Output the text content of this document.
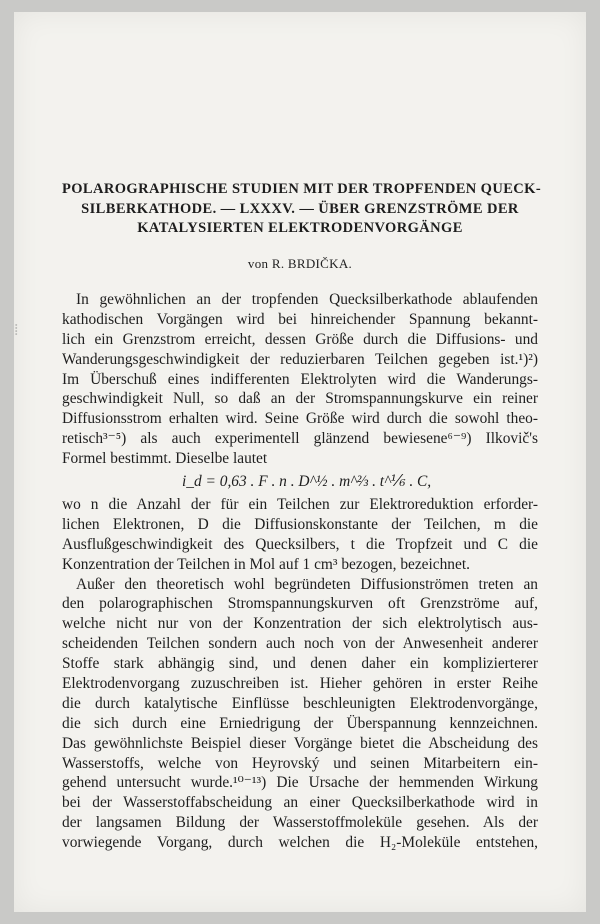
⁞
POLAROGRAPHISCHE STUDIEN MIT DER TROPFENDEN QUECK-
SILBERKATHODE. — LXXXV. — ÜBER GRENZSTRÖME DER
KATALYSIERTEN ELEKTRODENVORGÄNGE
von R. BRDIČKA.
In gewöhnlichen an der tropfenden Quecksilberkathode ablaufenden
kathodischen Vorgängen wird bei hinreichender Spannung bekannt-
lich ein Grenzstrom erreicht, dessen Größe durch die Diffusions- und
Wanderungsgeschwindigkeit der reduzierbaren Teilchen gegeben ist.¹)²)
Im Überschuß eines indifferenten Elektrolyten wird die Wanderungs-
geschwindigkeit Null, so daß an der Stromspannungskurve ein reiner
Diffusionsstrom erhalten wird. Seine Größe wird durch die sowohl theo-
retisch³⁻⁵) als auch experimentell glänzend bewiesene⁶⁻⁹) Ilkovič's
Formel bestimmt. Dieselbe lautet
i_d = 0,63 . F . n . D^½ . m^⅔ . t^⅙ . C,
wo n die Anzahl der für ein Teilchen zur Elektroreduktion erforder-
lichen Elektronen, D die Diffusionskonstante der Teilchen, m die
Ausflußgeschwindigkeit des Quecksilbers, t die Tropfzeit und C die
Konzentration der Teilchen in Mol auf 1 cm³ bezogen, bezeichnet.
Außer den theoretisch wohl begründeten Diffusionströmen treten an
den polarographischen Stromspannungskurven oft Grenzströme auf,
welche nicht nur von der Konzentration der sich elektrolytisch aus-
scheidenden Teilchen sondern auch noch von der Anwesenheit anderer
Stoffe stark abhängig sind, und denen daher ein komplizierterer
Elektrodenvorgang zuzuschreiben ist. Hieher gehören in erster Reihe
die durch katalytische Einflüsse beschleunigten Elektrodenvorgänge,
die sich durch eine Erniedrigung der Überspannung kennzeichnen.
Das gewöhnlichste Beispiel dieser Vorgänge bietet die Abscheidung des
Wasserstoffs, welche von Heyrovský und seinen Mitarbeitern ein-
gehend untersucht wurde.¹⁰⁻¹³) Die Ursache der hemmenden Wirkung
bei der Wasserstoffabscheidung an einer Quecksilberkathode wird in
der langsamen Bildung der Wasserstoffmoleküle gesehen. Als der
vorwiegende Vorgang, durch welchen die H₂-Moleküle entstehen,
